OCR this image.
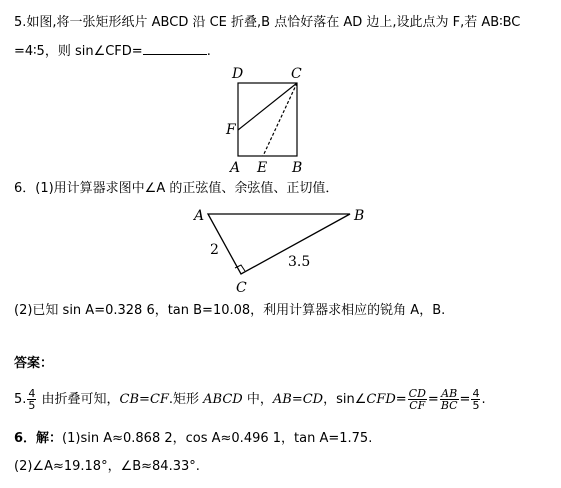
5.如图,将一张矩形纸片 ABCD 沿 CE 折叠,B 点恰好落在 AD 边上,设此点为 F,若 AB∶BC
=4∶5，则 sin∠CFD=	.
D	C
F
A E B
6．(1)用计算器求图中∠A 的正弦值、余弦值、正切值．
A	B
C
2
3.5
(2)已知 sin A=0.328 6，tan B=10.08，利用计算器求相应的锐角 A，B.
答案：
5. $\frac{4}{5}$ 由折叠可知，CB=CF.矩形 ABCD 中，AB=CD，sin∠CFD= $\frac{CD}{CF} = \frac{AB}{BC} = \frac{4}{5}$ .
6．解：(1)sin A≈0.868 2，cos A≈0.496 1，tan A=1.75.
(2)∠A≈19.18°，∠B≈84.33°.
